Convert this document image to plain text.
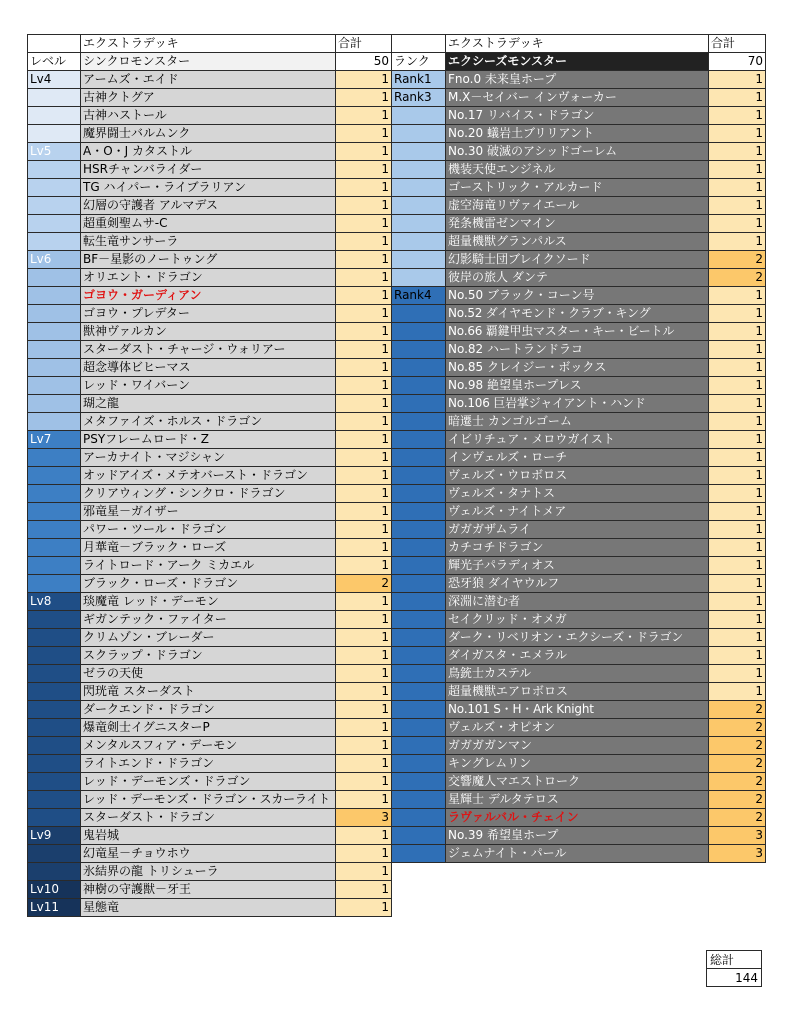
	エクストラデッキ	合計
レベル	シンクロモンスター	50
Lv4	アームズ・エイド	1
	古神クトグア	1
	古神ハストール	1
	魔界闘士バルムンク	1
Lv5	A・O・J カタストル	1
	HSRチャンバライダー	1
	TG ハイパー・ライブラリアン	1
	幻層の守護者 アルマデス	1
	超重剣聖ムサ-C	1
	転生竜サンサーラ	1
Lv6	BF－星影のノートゥング	1
	オリエント・ドラゴン	1
	ゴヨウ・ガーディアン	1
	ゴヨウ・プレデター	1
	獣神ヴァルカン	1
	スターダスト・チャージ・ウォリアー	1
	超念導体ビヒーマス	1
	レッド・ワイバーン	1
	瑚之龍	1
	メタファイズ・ホルス・ドラゴン	1
Lv7	PSYフレームロード・Ζ	1
	アーカナイト・マジシャン	1
	オッドアイズ・メテオバースト・ドラゴン	1
	クリアウィング・シンクロ・ドラゴン	1
	邪竜星－ガイザー	1
	パワー・ツール・ドラゴン	1
	月華竜－ブラック・ローズ	1
	ライトロード・アーク ミカエル	1
	ブラック・ローズ・ドラゴン	2
Lv8	琰魔竜 レッド・デーモン	1
	ギガンテック・ファイター	1
	クリムゾン・ブレーダー	1
	スクラップ・ドラゴン	1
	ゼラの天使	1
	閃珖竜 スターダスト	1
	ダークエンド・ドラゴン	1
	爆竜剣士イグニスターP	1
	メンタルスフィア・デーモン	1
	ライトエンド・ドラゴン	1
	レッド・デーモンズ・ドラゴン	1
	レッド・デーモンズ・ドラゴン・スカーライト	1
	スターダスト・ドラゴン	3
Lv9	鬼岩城	1
	幻竜星－チョウホウ	1
	氷結界の龍 トリシューラ	1
Lv10	神樹の守護獣－牙王	1
Lv11	星態竜	1
	エクストラデッキ	合計
ランク	エクシーズモンスター	70
Rank1	Fno.0 未来皇ホープ	1
Rank3	M.X－セイバー インヴォーカー	1
	No.17 リバイス・ドラゴン	1
	No.20 蟻岩土ブリリアント	1
	No.30 破滅のアシッドゴーレム	1
	機装天使エンジネル	1
	ゴーストリック・アルカード	1
	虚空海竜リヴァイエール	1
	発条機雷ゼンマイン	1
	超量機獣グランパルス	1
	幻影騎士団ブレイクソード	2
	彼岸の旅人 ダンテ	2
Rank4	No.50 ブラック・コーン号	1
	No.52 ダイヤモンド・クラブ・キング	1
	No.66 覇鍵甲虫マスター・キー・ビートル	1
	No.82 ハートランドラコ	1
	No.85 クレイジー・ボックス	1
	No.98 絶望皇ホープレス	1
	No.106 巨岩掌ジャイアント・ハンド	1
	暗遷士 カンゴルゴーム	1
	イビリチュア・メロウガイスト	1
	インヴェルズ・ローチ	1
	ヴェルズ・ウロボロス	1
	ヴェルズ・タナトス	1
	ヴェルズ・ナイトメア	1
	ガガガザムライ	1
	カチコチドラゴン	1
	輝光子パラディオス	1
	恐牙狼 ダイヤウルフ	1
	深淵に潜む者	1
	セイクリッド・オメガ	1
	ダーク・リベリオン・エクシーズ・ドラゴン	1
	ダイガスタ・エメラル	1
	鳥銃士カステル	1
	超量機獣エアロボロス	1
	No.101 S・H・Ark Knight	2
	ヴェルズ・オピオン	2
	ガガガガンマン	2
	キングレムリン	2
	交響魔人マエストローク	2
	星輝士 デルタテロス	2
	ラヴァルバル・チェイン	2
	No.39 希望皇ホープ	3
	ジェムナイト・パール	3
総計
144
